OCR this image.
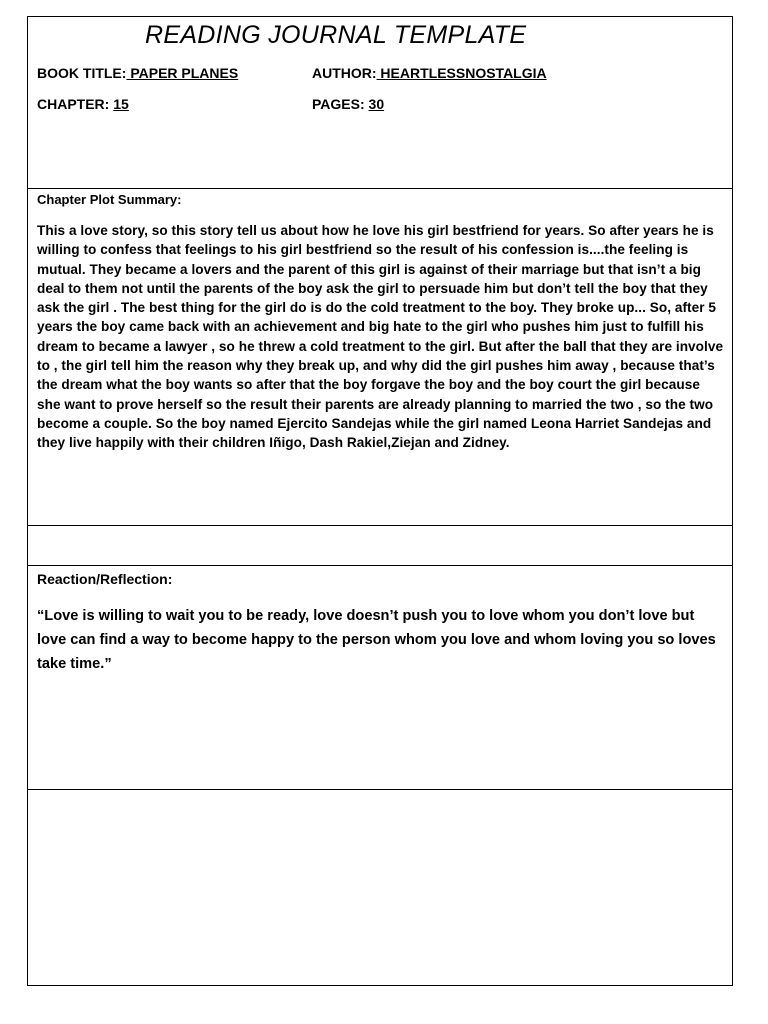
READING JOURNAL TEMPLATE
BOOK TITLE: PAPER PLANES	AUTHOR: HEARTLESSNOSTALGIA
CHAPTER: 15	PAGES: 30
Chapter Plot Summary:
This a love story, so this story tell us about how he love his girl bestfriend for years. So after years he is willing to confess that feelings to his girl bestfriend so the result of his confession is....the feeling is mutual. They became a lovers and the parent of this girl is against of their marriage but that isn’t a big deal to them not until the parents of the boy ask the girl to persuade him but don’t tell the boy that they ask the girl . The best thing for the girl do is do the cold treatment to the boy. They broke up... So, after 5 years the boy came back with an achievement and big hate to the girl who pushes him just to fulfill his dream to became a lawyer , so he threw a cold treatment to the girl. But after the ball that they are involve to , the girl tell him the reason why they break up, and why did the girl pushes him away , because that’s the dream what the boy wants so after that the boy forgave the boy and the boy court the girl because she want to prove herself so the result their parents are already planning to married the two , so the two become a couple. So the boy named Ejercito Sandejas while the girl named Leona Harriet Sandejas and they live happily with their children Iñigo, Dash Rakiel,Ziejan and Zidney.
Reaction/Reflection:
“Love is willing to wait you to be ready, love doesn’t push you to love whom you don’t love but love can find a way to become happy to the person whom you love and whom loving you so loves take time.”
